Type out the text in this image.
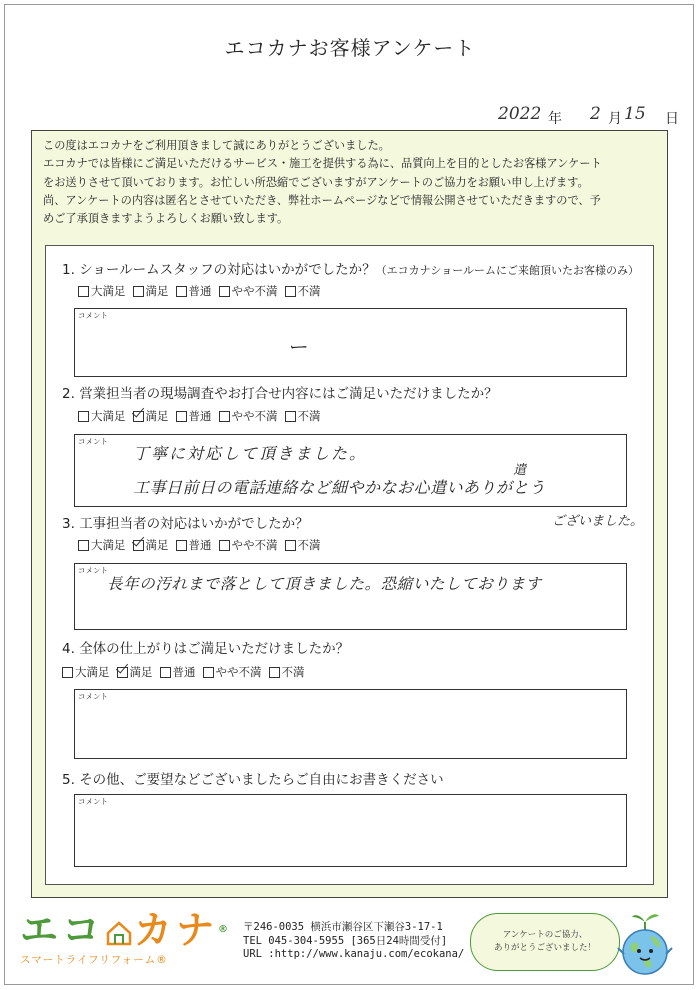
エコカナお客様アンケート
2022 年 2 月 15 日
この度はエコカナをご利用頂きまして誠にありがとうございました。
エコカナでは皆様にご満足いただけるサービス・施工を提供する為に、品質向上を目的としたお客様アンケート
をお送りさせて頂いております。お忙しい所恐縮でございますがアンケートのご協力をお願い申し上げます。
尚、アンケートの内容は匿名とさせていただき、弊社ホームページなどで情報公開させていただきますので、予
めご了承頂きますようよろしくお願い致します。
1. ショールームスタッフの対応はいかがでしたか？（エコカナショールームにご来館頂いたお客様のみ）
大満足 満足 普通 やや不満 不満
コメント
ー
2. 営業担当者の現場調査やお打合せ内容にはご満足いただけましたか？
大満足 満足 普通 やや不満 不満
コメント
丁寧に対応して頂きました。
工事日前日の電話連絡など細やかなお心遣いありがとう
遣
ございました。
3. 工事担当者の対応はいかがでしたか？
大満足 満足 普通 やや不満 不満
コメント
長年の汚れまで落として頂きました。恐縮いたしております
4. 全体の仕上がりはご満足いただけましたか？
大満足 満足 普通 やや不満 不満
コメント
5. その他、ご要望などございましたらご自由にお書きください
コメント
エコ カナ®
スマートライフリフォーム®
〒246-0035 横浜市瀬谷区下瀬谷3-17-1
TEL 045-304-5955 [365日24時間受付]
URL :http://www.kanaju.com/ecokana/
アンケートのご協力、
ありがとうございました！
